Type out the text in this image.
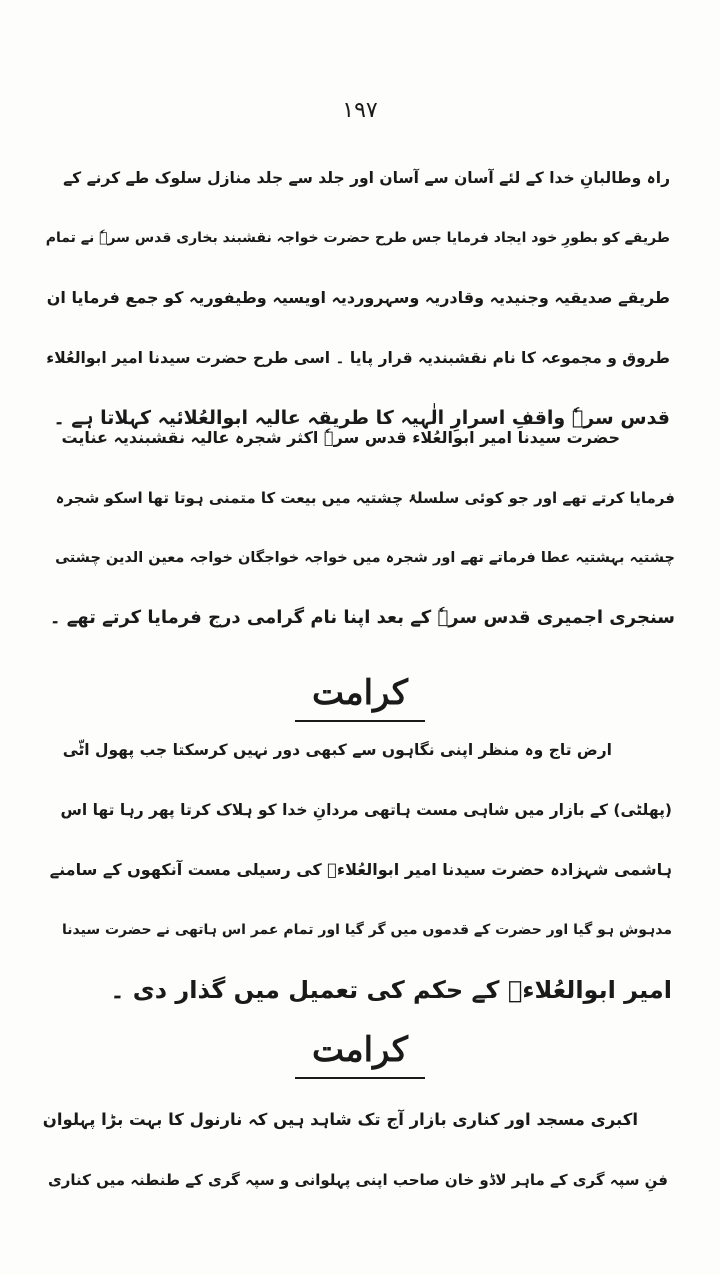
۱۹۷
راہ وطالبانِ خدا کے لئے آسان سے آسان اور جلد سے جلد منازل سلوک طے کرنے کے
طریقے کو بطورِ خود ایجاد فرمایا جس طرح حضرت خواجہ نقشبند بخاری قدس سرہٗ نے تمام
طریقے صدیقیہ وجنیدیہ وقادریہ وسہروردیہ اویسیہ وطیفوریہ کو جمع فرمایا ان
طروق و مجموعہ کا نام نقشبندیہ قرار پایا ۔ اسی طرح حضرت سیدنا امیر ابوالعُلاء
قدس سرہٗ واقفِ اسرارِ الٰہیہ کا طریقہ عالیہ ابوالعُلائیہ کہلاتا ہے ۔
حضرت سیدنا امیر ابوالعُلاء قدس سرہٗ اکثر شجرہ عالیہ نقشبندیہ عنایت
فرمایا کرتے تھے اور جو کوئی سلسلۂ چشتیہ میں بیعت کا متمنی ہوتا تھا اسکو شجرہ
چشتیہ بہشتیہ عطا فرماتے تھے اور شجرہ میں خواجہ خواجگان خواجہ معین الدین چشتی
سنجری اجمیری قدس سرہٗ کے بعد اپنا نام گرامی درج فرمایا کرتے تھے ۔
کرامت
ارض تاج وہ منظر اپنی نگاہوں سے کبھی دور نہیں کرسکتا جب پھول اٹّی
(پھلٹی) کے بازار میں شاہی مست ہاتھی مردانِ خدا کو ہلاک کرتا پھر رہا تھا اس
ہاشمی شہزادہ حضرت سیدنا امیر ابوالعُلاءؒ کی رسیلی مست آنکھوں کے سامنے
مدہوش ہو گیا اور حضرت کے قدموں میں گر گیا اور تمام عمر اس ہاتھی نے حضرت سیدنا
امیر ابوالعُلاءؒ کے حکم کی تعمیل میں گذار دی ۔
کرامت
اکبری مسجد اور کناری بازار آج تک شاہد ہیں کہ نارنول کا بہت بڑا پہلوان
فنِ سپہ گری کے ماہر لاڈو خان صاحب اپنی پہلوانی و سپہ گری کے طنطنہ میں کناری
